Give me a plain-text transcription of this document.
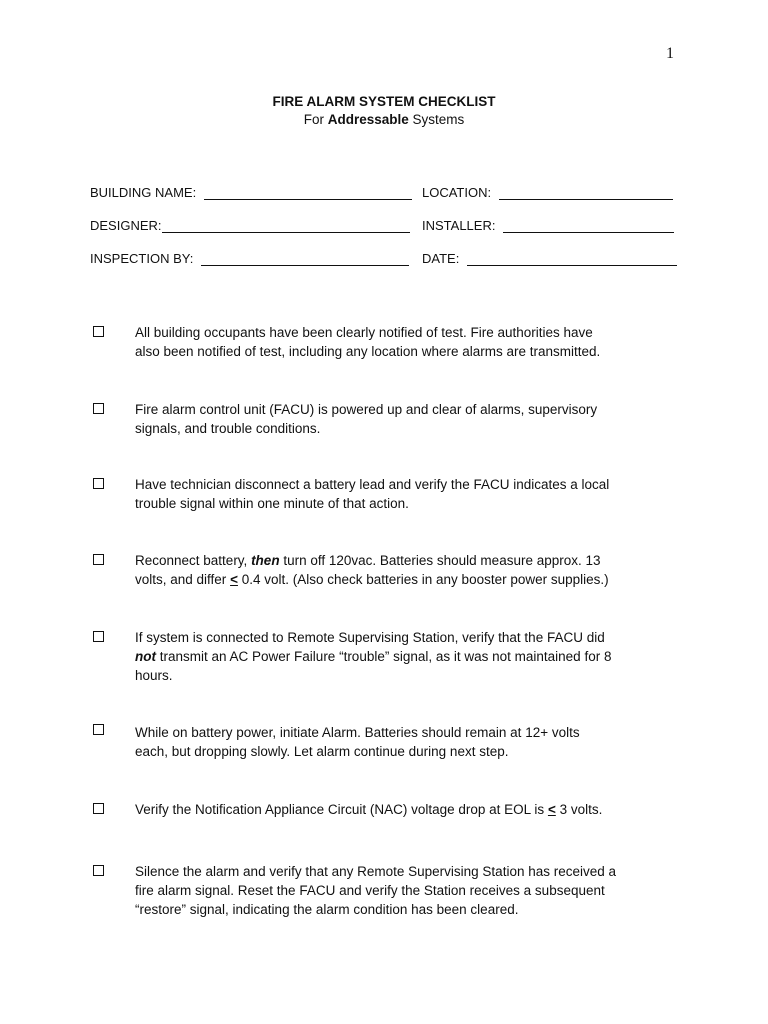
1
FIRE ALARM SYSTEM CHECKLIST
For Addressable Systems
BUILDING NAME:	LOCATION:
DESIGNER:	INSTALLER:
INSPECTION BY:	DATE:
All building occupants have been clearly notified of test. Fire authorities have
also been notified of test, including any location where alarms are transmitted.
Fire alarm control unit (FACU) is powered up and clear of alarms, supervisory
signals, and trouble conditions.
Have technician disconnect a battery lead and verify the FACU indicates a local
trouble signal within one minute of that action.
Reconnect battery, then turn off 120vac. Batteries should measure approx. 13
volts, and differ ≤ 0.4 volt. (Also check batteries in any booster power supplies.)
If system is connected to Remote Supervising Station, verify that the FACU did
not transmit an AC Power Failure “trouble” signal, as it was not maintained for 8
hours.
While on battery power, initiate Alarm. Batteries should remain at 12+ volts
each, but dropping slowly. Let alarm continue during next step.
Verify the Notification Appliance Circuit (NAC) voltage drop at EOL is ≤ 3 volts.
Silence the alarm and verify that any Remote Supervising Station has received a
fire alarm signal. Reset the FACU and verify the Station receives a subsequent
“restore” signal, indicating the alarm condition has been cleared.
